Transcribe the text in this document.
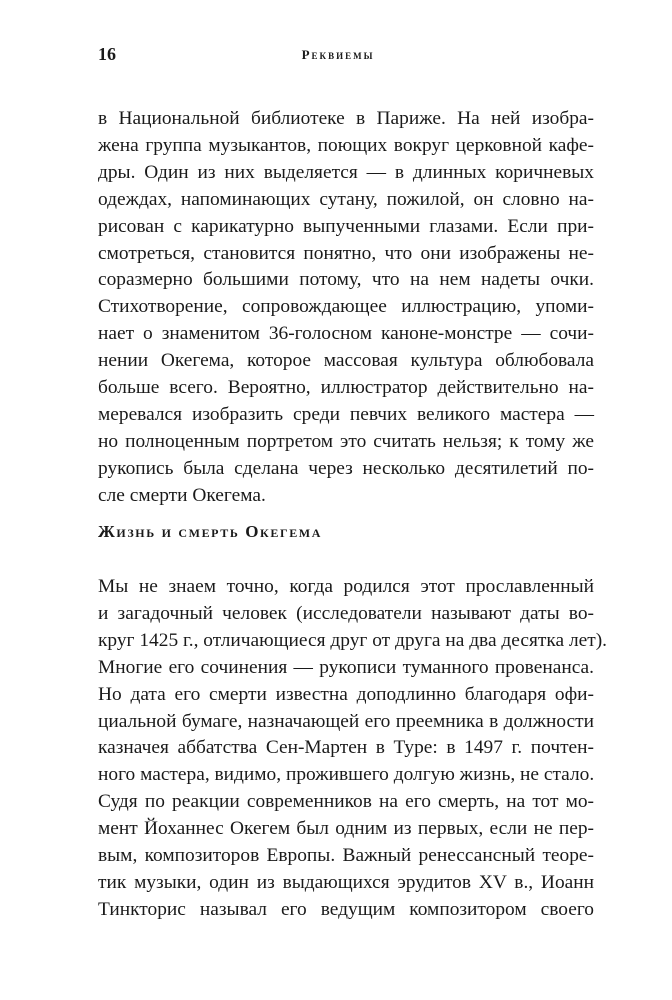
16	Реквиемы

в Национальной библиотеке в Париже. На ней изобра-
жена группа музыкантов, поющих вокруг церковной кафе-
дры. Один из них выделяется — в длинных коричневых
одеждах, напоминающих сутану, пожилой, он словно на-
рисован с карикатурно выпученными глазами. Если при-
смотреться, становится понятно, что они изображены не-
соразмерно большими потому, что на нем надеты очки.
Стихотворение, сопровождающее иллюстрацию, упоми-
нает о знаменитом 36-голосном каноне-монстре — сочи-
нении Окегема, которое массовая культура облюбовала
больше всего. Вероятно, иллюстратор действительно на-
меревался изобразить среди певчих великого мастера —
но полноценным портретом это считать нельзя; к тому же
рукопись была сделана через несколько десятилетий по-
сле смерти Окегема.

Жизнь и смерть Окегема

Мы не знаем точно, когда родился этот прославленный
и загадочный человек (исследователи называют даты во-
круг 1425 г., отличающиеся друг от друга на два десятка лет).
Многие его сочинения — рукописи туманного провенанса.
Но дата его смерти известна доподлинно благодаря офи-
циальной бумаге, назначающей его преемника в должности
казначея аббатства Сен-Мартен в Туре: в 1497 г. почтен-
ного мастера, видимо, прожившего долгую жизнь, не стало.
Судя по реакции современников на его смерть, на тот мо-
мент Йоханнес Окегем был одним из первых, если не пер-
вым, композиторов Европы. Важный ренессансный теоре-
тик музыки, один из выдающихся эрудитов XV в., Иоанн
Тинкторис называл его ведущим композитором своего
